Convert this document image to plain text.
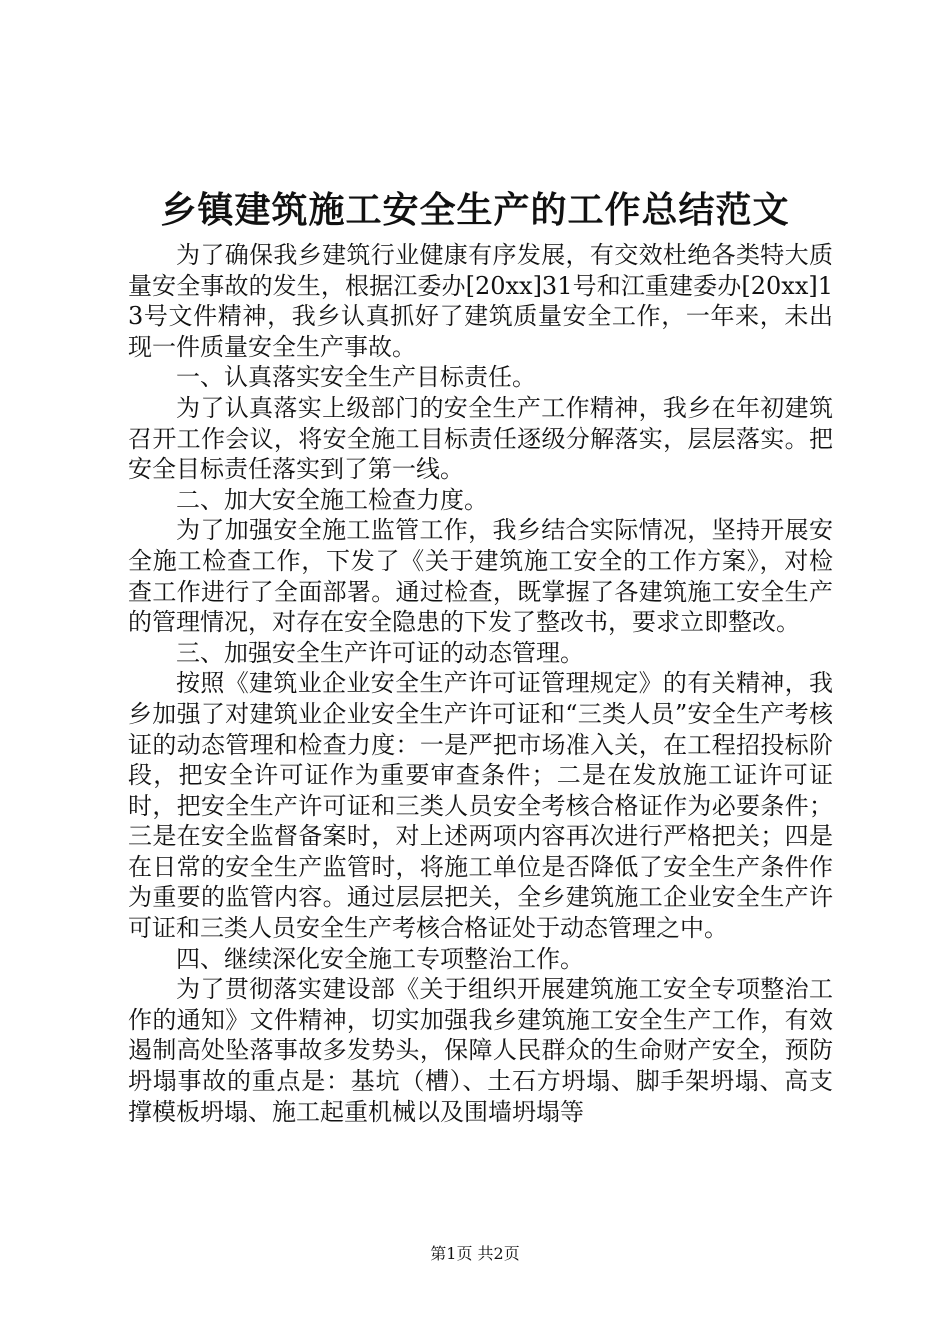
乡镇建筑施工安全生产的工作总结范文

为了确保我乡建筑行业健康有序发展，有交效杜绝各类特大质量安全事故的发生，根据江委办[20xx]31号和江重建委办[20xx]13号文件精神，我乡认真抓好了建筑质量安全工作，一年来，未出现一件质量安全生产事故。

一、认真落实安全生产目标责任。

为了认真落实上级部门的安全生产工作精神，我乡在年初建筑召开工作会议，将安全施工目标责任逐级分解落实，层层落实。把安全目标责任落实到了第一线。

二、加大安全施工检查力度。

为了加强安全施工监管工作，我乡结合实际情况，坚持开展安全施工检查工作，下发了《关于建筑施工安全的工作方案》，对检查工作进行了全面部署。通过检查，既掌握了各建筑施工安全生产的管理情况，对存在安全隐患的下发了整改书，要求立即整改。

三、加强安全生产许可证的动态管理。

按照《建筑业企业安全生产许可证管理规定》的有关精神，我乡加强了对建筑业企业安全生产许可证和“三类人员”安全生产考核证的动态管理和检查力度：一是严把市场准入关，在工程招投标阶段，把安全许可证作为重要审查条件；二是在发放施工证许可证时，把安全生产许可证和三类人员安全考核合格证作为必要条件；三是在安全监督备案时，对上述两项内容再次进行严格把关；四是在日常的安全生产监管时，将施工单位是否降低了安全生产条件作为重要的监管内容。通过层层把关，全乡建筑施工企业安全生产许可证和三类人员安全生产考核合格证处于动态管理之中。

四、继续深化安全施工专项整治工作。

为了贯彻落实建设部《关于组织开展建筑施工安全专项整治工作的通知》文件精神，切实加强我乡建筑施工安全生产工作，有效遏制高处坠落事故多发势头，保障人民群众的生命财产安全，预防坍塌事故的重点是：基坑（槽）、土石方坍塌、脚手架坍塌、高支撑模板坍塌、施工起重机械以及围墙坍塌等

第1页 共2页
